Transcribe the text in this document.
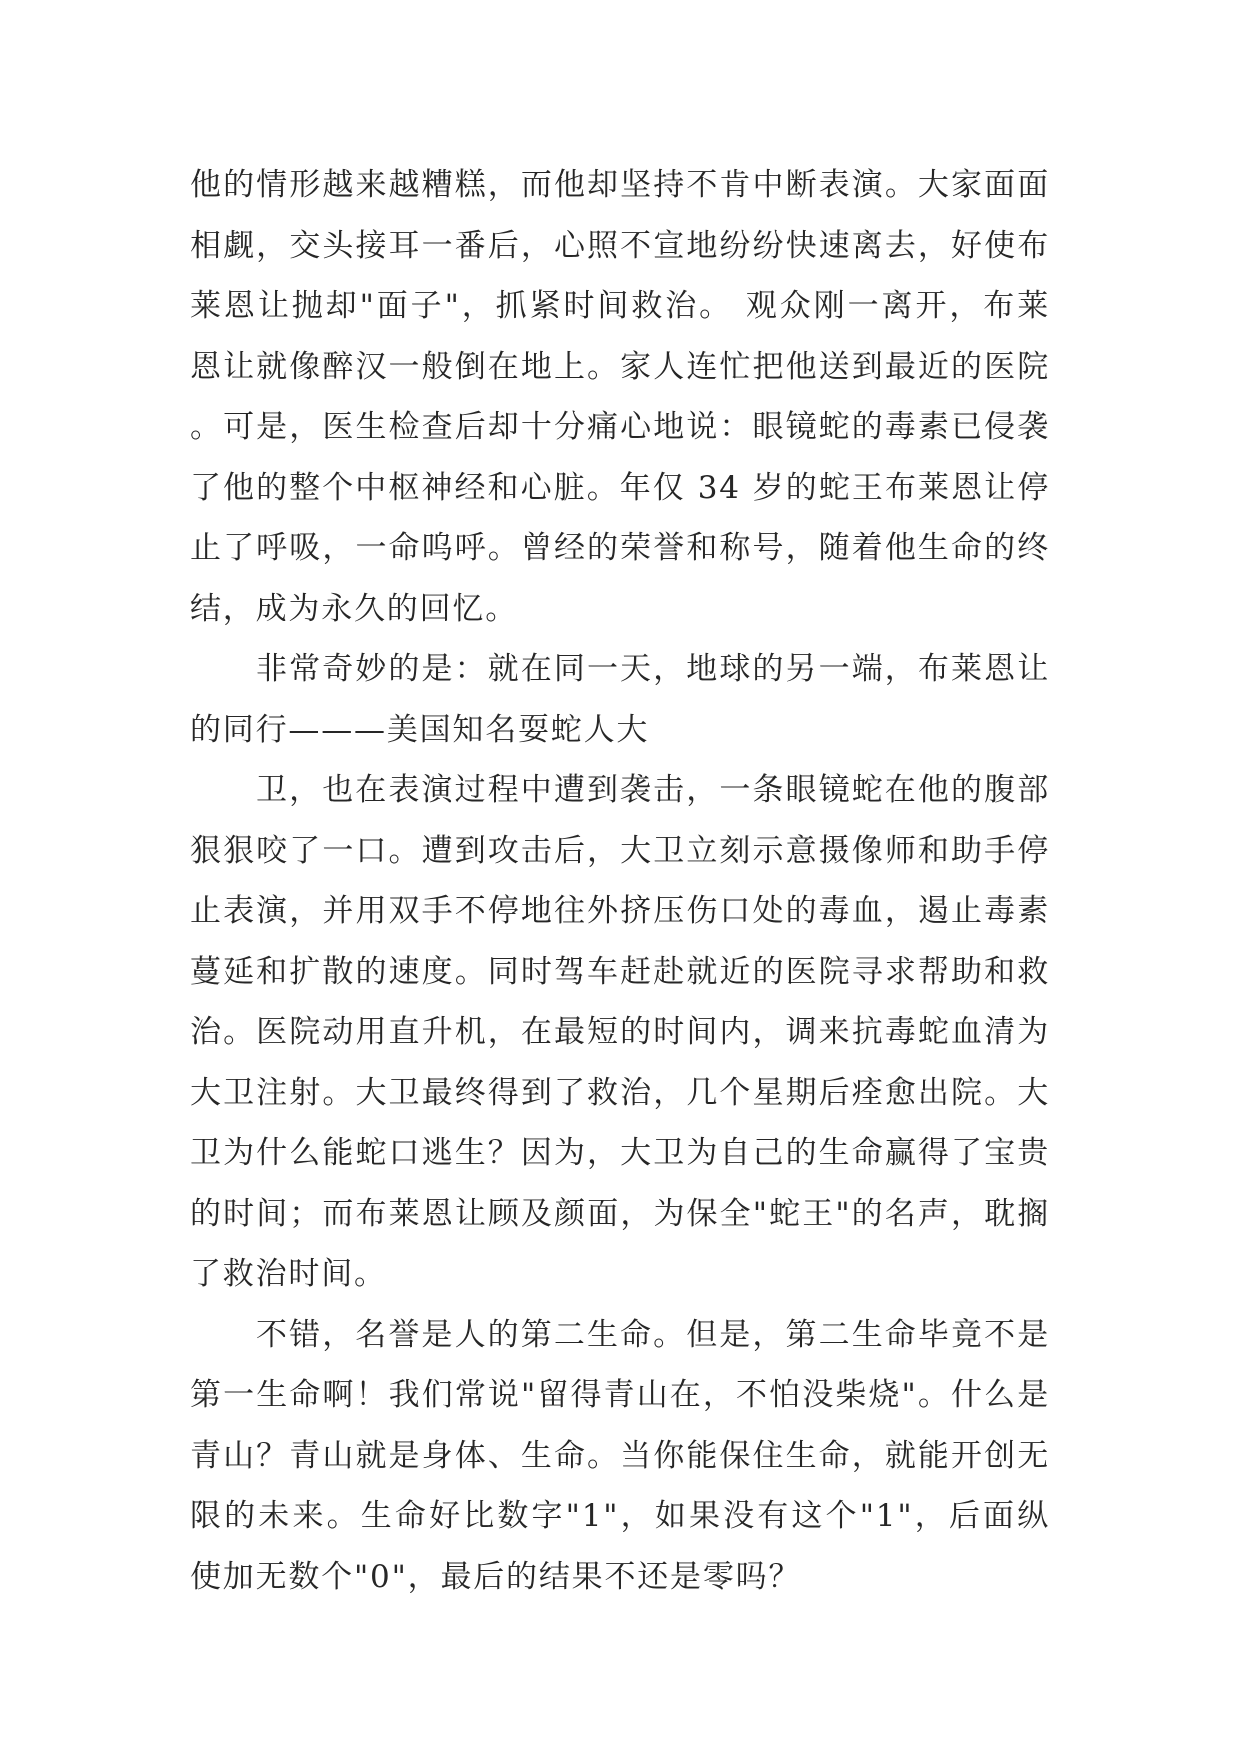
他的情形越来越糟糕，而他却坚持不肯中断表演。大家面面相觑，交头接耳一番后，心照不宣地纷纷快速离去，好使布莱恩让抛却"面子"，抓紧时间救治。 观众刚一离开，布莱恩让就像醉汉一般倒在地上。家人连忙把他送到最近的医院。可是，医生检查后却十分痛心地说：眼镜蛇的毒素已侵袭了他的整个中枢神经和心脏。年仅 34 岁的蛇王布莱恩让停止了呼吸，一命呜呼。曾经的荣誉和称号，随着他生命的终结，成为永久的回忆。

非常奇妙的是：就在同一天，地球的另一端，布莱恩让的同行———美国知名耍蛇人大

卫，也在表演过程中遭到袭击，一条眼镜蛇在他的腹部狠狠咬了一口。遭到攻击后，大卫立刻示意摄像师和助手停止表演，并用双手不停地往外挤压伤口处的毒血，遏止毒素蔓延和扩散的速度。同时驾车赶赴就近的医院寻求帮助和救治。医院动用直升机，在最短的时间内，调来抗毒蛇血清为大卫注射。大卫最终得到了救治，几个星期后痊愈出院。大卫为什么能蛇口逃生？因为，大卫为自己的生命赢得了宝贵的时间；而布莱恩让顾及颜面，为保全"蛇王"的名声，耽搁了救治时间。

不错，名誉是人的第二生命。但是，第二生命毕竟不是第一生命啊！我们常说"留得青山在，不怕没柴烧"。什么是青山？青山就是身体、生命。当你能保住生命，就能开创无限的未来。生命好比数字"1"，如果没有这个"1"，后面纵使加无数个"0"，最后的结果不还是零吗？
